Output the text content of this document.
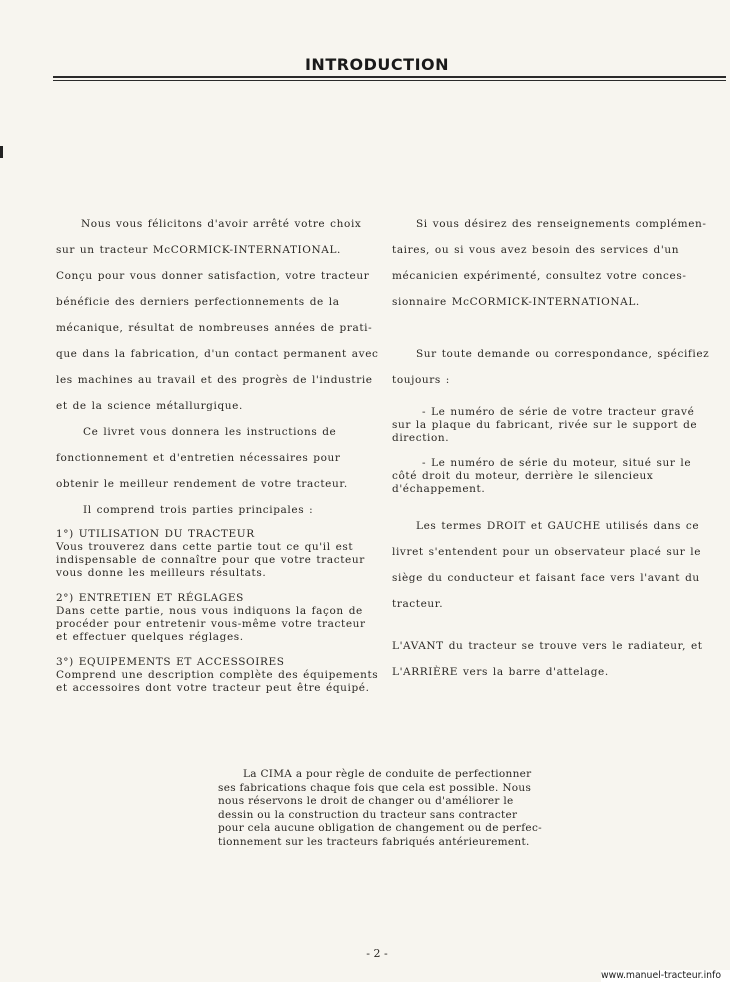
INTRODUCTION
Nous vous félicitons d'avoir arrêté votre choix
sur un tracteur McCORMICK-INTERNATIONAL.
Conçu pour vous donner satisfaction, votre tracteur
bénéficie des derniers perfectionnements de la
mécanique, résultat de nombreuses années de prati-
que dans la fabrication, d'un contact permanent avec
les machines au travail et des progrès de l'industrie
et de la science métallurgique.
Ce livret vous donnera les instructions de
fonctionnement et d'entretien nécessaires pour
obtenir le meilleur rendement de votre tracteur.
Il comprend trois parties principales :
1°) UTILISATION DU TRACTEUR
Vous trouverez dans cette partie tout ce qu'il est
indispensable de connaître pour que votre tracteur
vous donne les meilleurs résultats.
2°) ENTRETIEN ET RÉGLAGES
Dans cette partie, nous vous indiquons la façon de
procéder pour entretenir vous-même votre tracteur
et effectuer quelques réglages.
3°) EQUIPEMENTS ET ACCESSOIRES
Comprend une description complète des équipements
et accessoires dont votre tracteur peut être équipé.
Si vous désirez des renseignements complémen-
taires, ou si vous avez besoin des services d'un
mécanicien expérimenté, consultez votre conces-
sionnaire McCORMICK-INTERNATIONAL.
Sur toute demande ou correspondance, spécifiez
toujours :
- Le numéro de série de votre tracteur gravé
sur la plaque du fabricant, rivée sur le support de
direction.
- Le numéro de série du moteur, situé sur le
côté droit du moteur, derrière le silencieux
d'échappement.
Les termes DROIT et GAUCHE utilisés dans ce
livret s'entendent pour un observateur placé sur le
siège du conducteur et faisant face vers l'avant du
tracteur.
L'AVANT du tracteur se trouve vers le radiateur, et
L'ARRIÈRE vers la barre d'attelage.
La CIMA a pour règle de conduite de perfectionner
ses fabrications chaque fois que cela est possible. Nous
nous réservons le droit de changer ou d'améliorer le
dessin ou la construction du tracteur sans contracter
pour cela aucune obligation de changement ou de perfec-
tionnement sur les tracteurs fabriqués antérieurement.
- 2 -
www.manuel-tracteur.info
